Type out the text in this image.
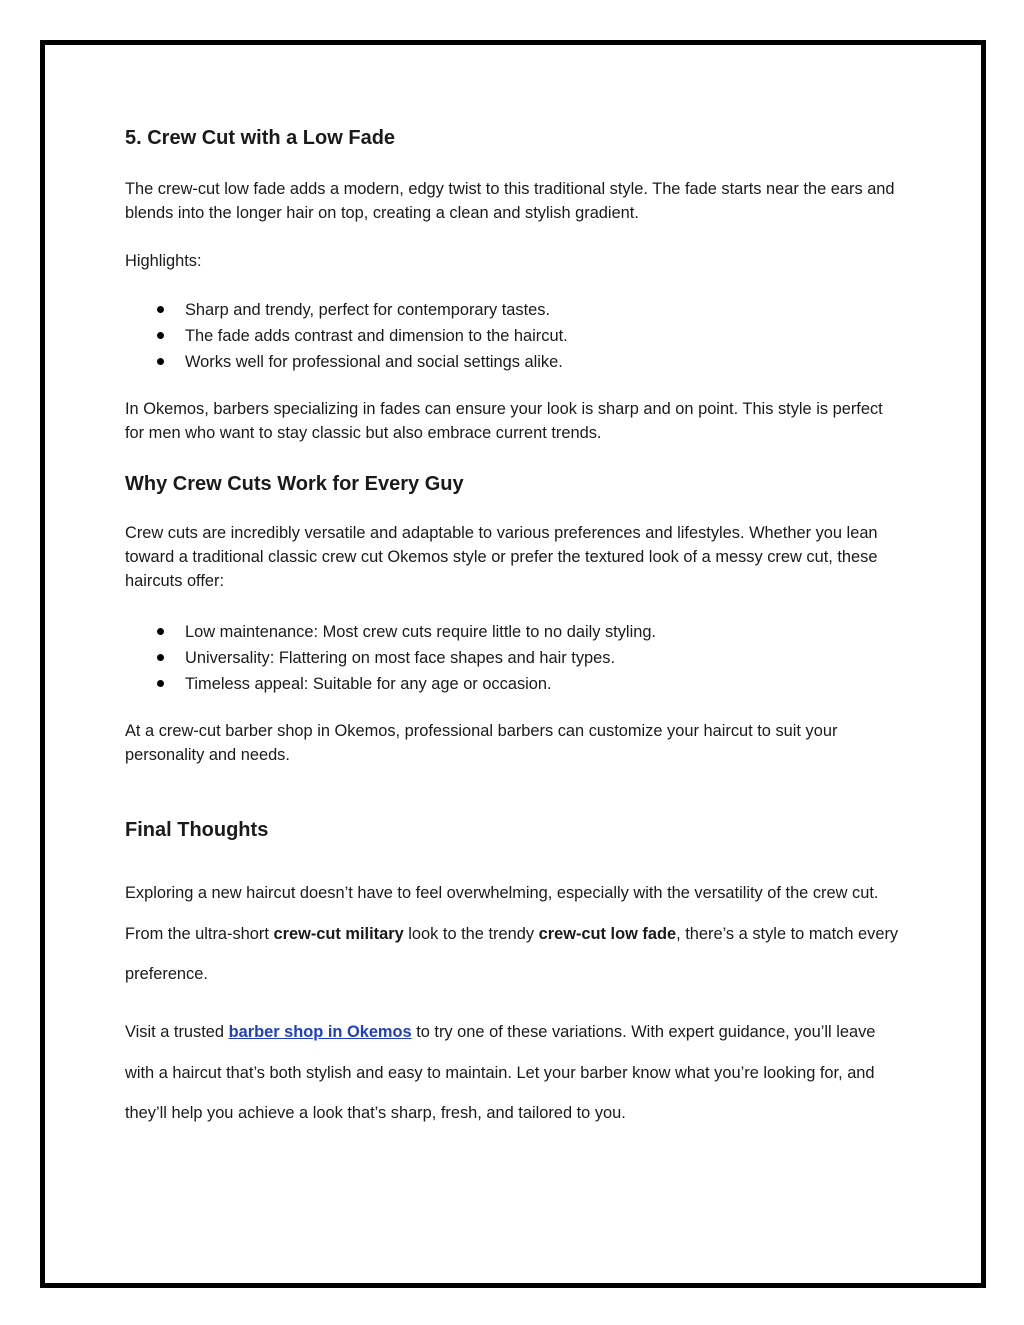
5. Crew Cut with a Low Fade

The crew-cut low fade adds a modern, edgy twist to this traditional style. The fade starts near the ears and blends into the longer hair on top, creating a clean and stylish gradient.

Highlights:

Sharp and trendy, perfect for contemporary tastes.
The fade adds contrast and dimension to the haircut.
Works well for professional and social settings alike.

In Okemos, barbers specializing in fades can ensure your look is sharp and on point. This style is perfect for men who want to stay classic but also embrace current trends.

Why Crew Cuts Work for Every Guy

Crew cuts are incredibly versatile and adaptable to various preferences and lifestyles. Whether you lean toward a traditional classic crew cut Okemos style or prefer the textured look of a messy crew cut, these haircuts offer:

Low maintenance: Most crew cuts require little to no daily styling.
Universality: Flattering on most face shapes and hair types.
Timeless appeal: Suitable for any age or occasion.

At a crew-cut barber shop in Okemos, professional barbers can customize your haircut to suit your personality and needs.

Final Thoughts

Exploring a new haircut doesn’t have to feel overwhelming, especially with the versatility of the crew cut. From the ultra-short crew-cut military look to the trendy crew-cut low fade, there’s a style to match every preference.

Visit a trusted barber shop in Okemos to try one of these variations. With expert guidance, you’ll leave with a haircut that’s both stylish and easy to maintain. Let your barber know what you’re looking for, and they’ll help you achieve a look that’s sharp, fresh, and tailored to you.
